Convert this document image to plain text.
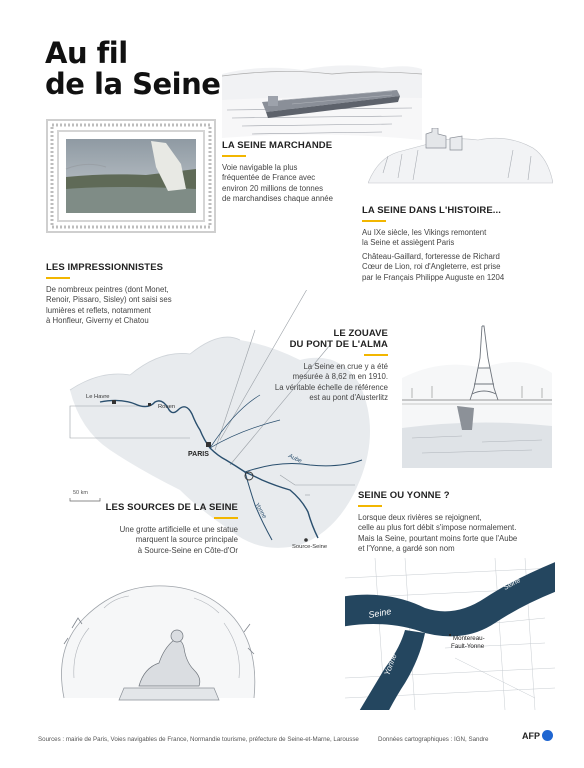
Au fil
de la Seine
LA SEINE MARCHANDE
Voie navigable la plus
fréquentée de France avec
environ 20 millions de tonnes
de marchandises chaque année
LA SEINE DANS L'HISTOIRE...
Au IXe siècle, les Vikings remontent
la Seine et assiègent Paris
Château-Gaillard, forteresse de Richard
Cœur de Lion, roi d'Angleterre, est prise
par le Français Philippe Auguste en 1204
LES IMPRESSIONNISTES
De nombreux peintres (dont Monet,
Renoir, Pissaro, Sisley) ont saisi ses
lumières et reflets, notamment
à Honfleur, Giverny et Chatou
Le Havre
Rouen
PARIS
Source-Seine
Aube
Yonne
50 km
LE ZOUAVE
DU PONT DE L'ALMA
La Seine en crue y a été
mesurée à 8,62 m en 1910.
La véritable échelle de référence
est au pont d'Austerlitz
SEINE OU YONNE ?
Lorsque deux rivières se rejoignent,
celle au plus fort débit s'impose normalement.
Mais la Seine, pourtant moins forte que l'Aube
et l'Yonne, a gardé son nom
LES SOURCES DE LA SEINE
Une grotte artificielle et une statue
marquent la source principale
à Source-Seine en Côte-d'Or
Seine
Seine
Yonne
Montereau-
Fault-Yonne
Sources : mairie de Paris, Voies navigables de France, Normandie tourisme, préfecture de Seine-et-Marne, Larousse	Données cartographiques : IGN, Sandre	AFP
